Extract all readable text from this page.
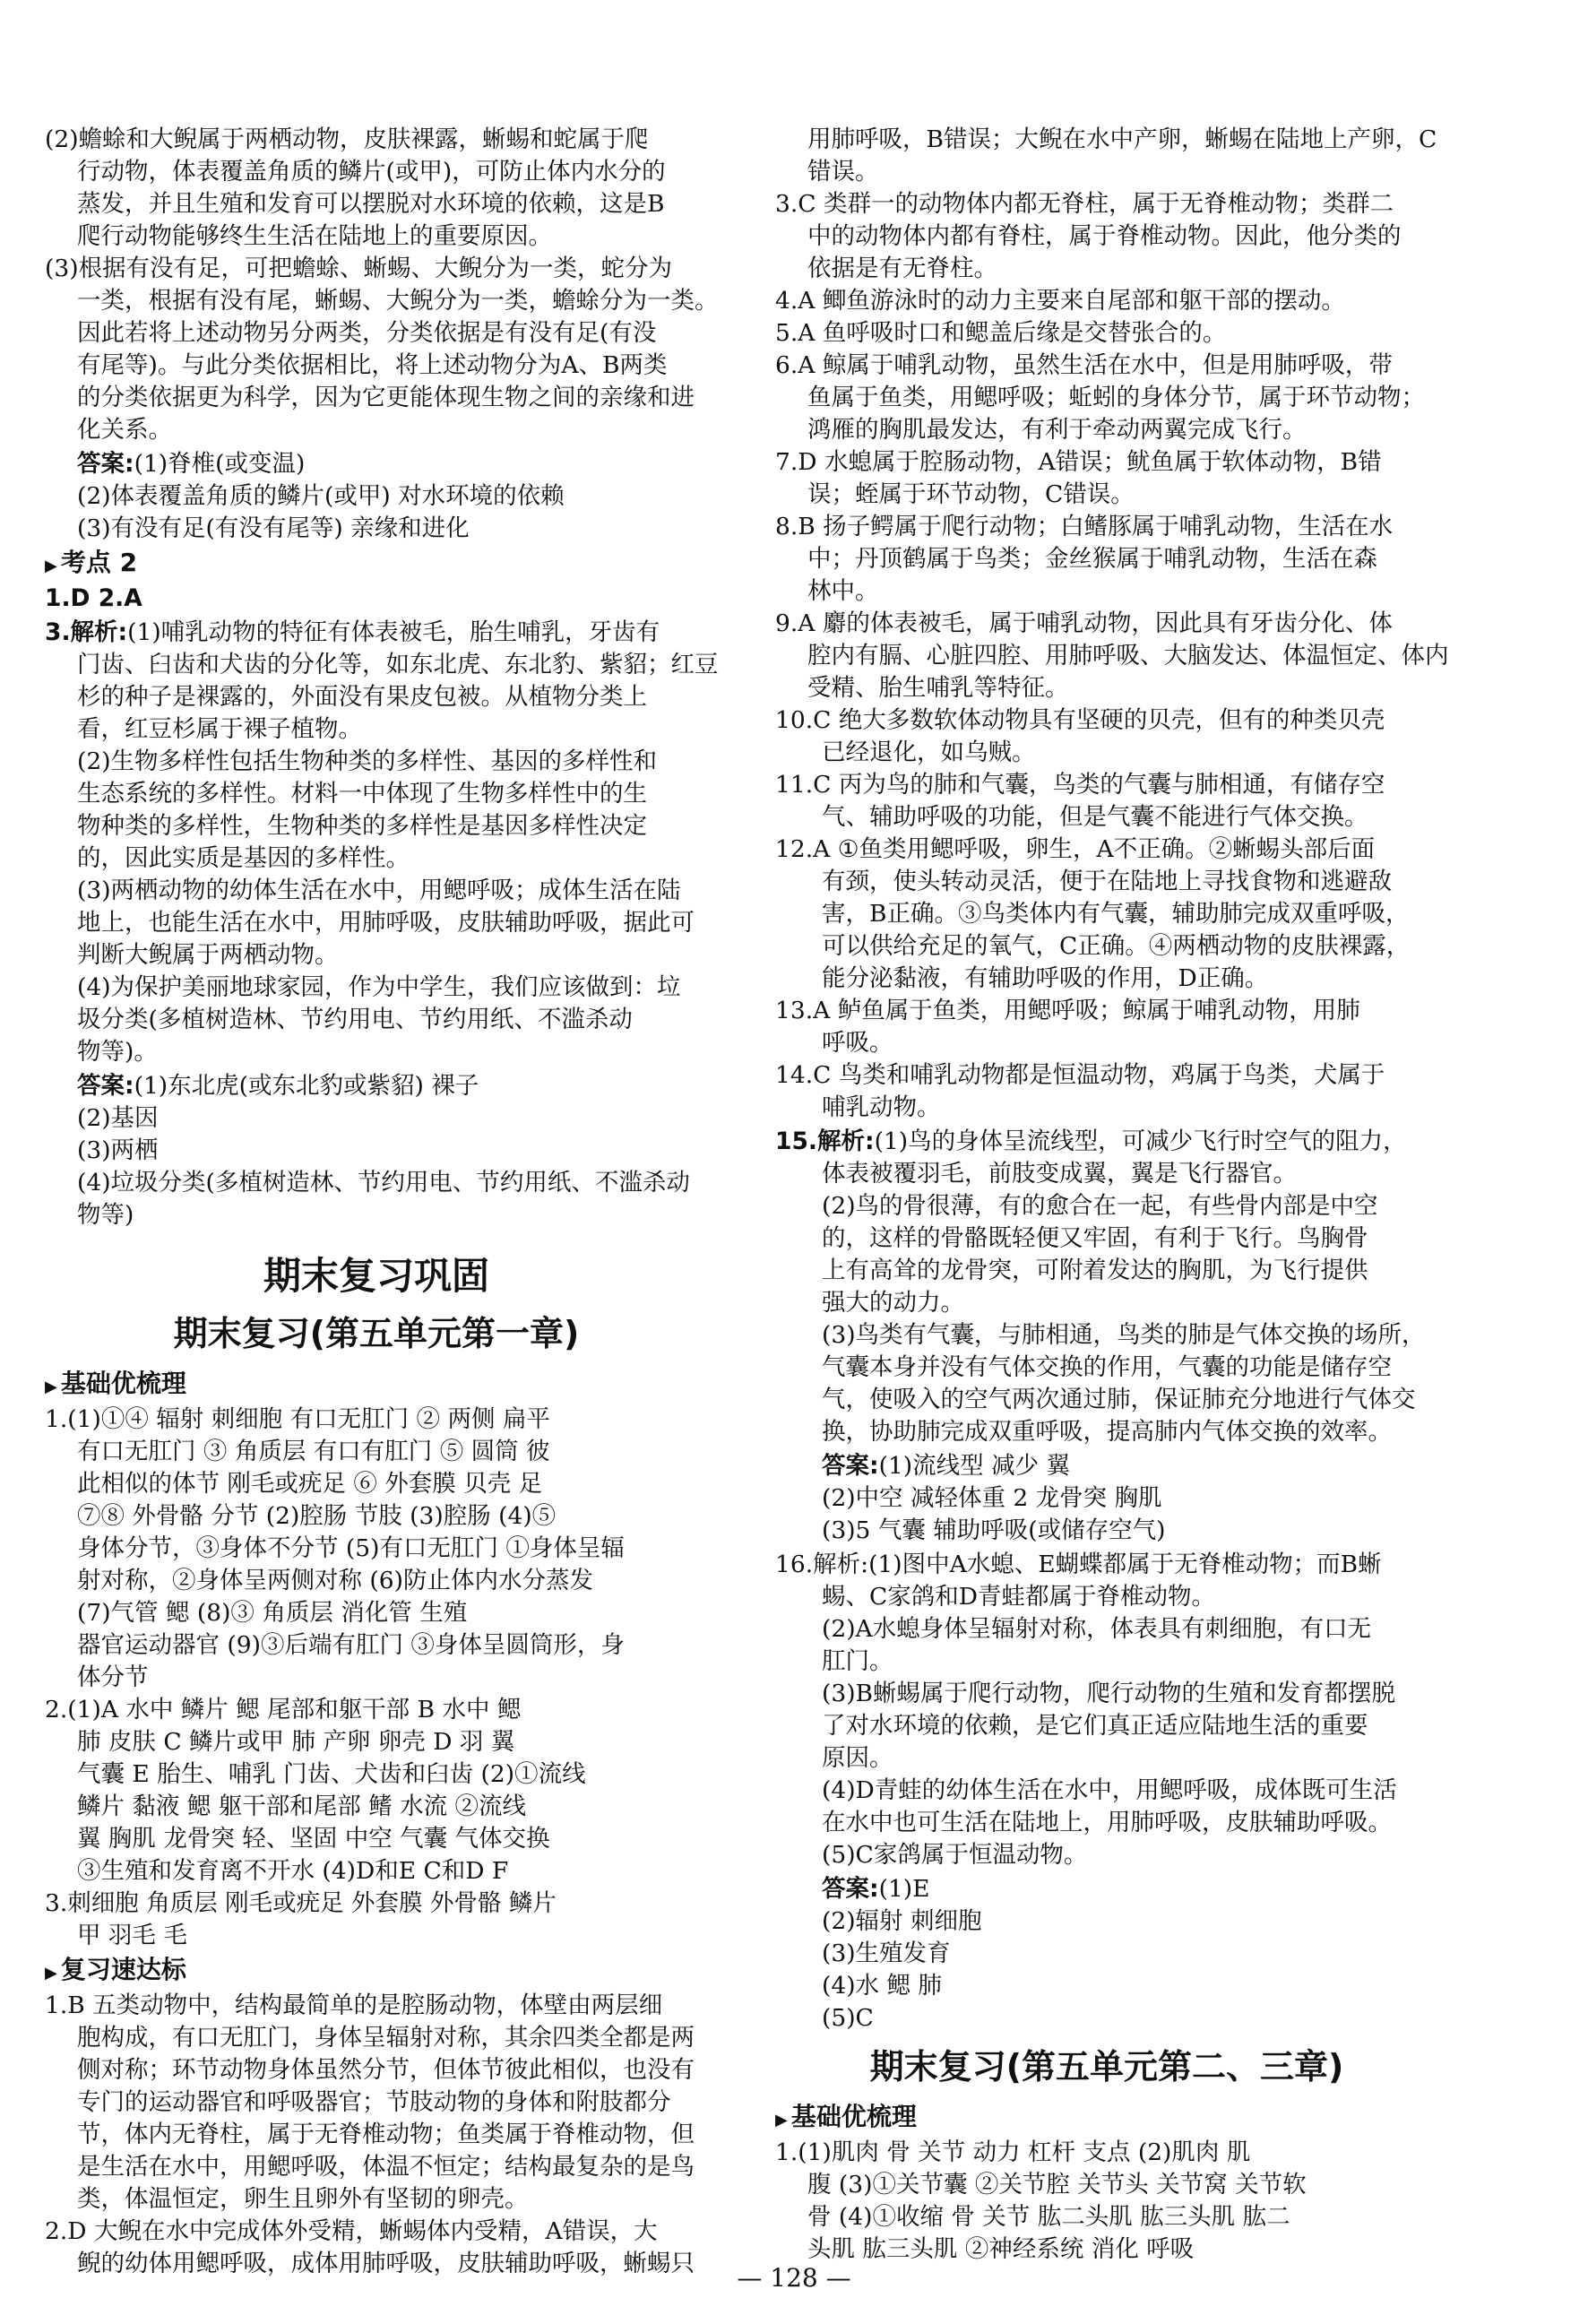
(2)蟾蜍和大鲵属于两栖动物，皮肤裸露，蜥蜴和蛇属于爬
行动物，体表覆盖角质的鳞片(或甲)，可防止体内水分的
蒸发，并且生殖和发育可以摆脱对水环境的依赖，这是B
爬行动物能够终生生活在陆地上的重要原因。
(3)根据有没有足，可把蟾蜍、蜥蜴、大鲵分为一类，蛇分为
一类，根据有没有尾，蜥蜴、大鲵分为一类，蟾蜍分为一类。
因此若将上述动物另分两类，分类依据是有没有足(有没
有尾等)。与此分类依据相比，将上述动物分为A、B两类
的分类依据更为科学，因为它更能体现生物之间的亲缘和进
化关系。
答案:(1)脊椎(或变温)
(2)体表覆盖角质的鳞片(或甲) 对水环境的依赖
(3)有没有足(有没有尾等) 亲缘和进化
▶ 考点 2
1.D 2.A
3.解析:(1)哺乳动物的特征有体表被毛，胎生哺乳，牙齿有
门齿、臼齿和犬齿的分化等，如东北虎、东北豹、紫貂；红豆
杉的种子是裸露的，外面没有果皮包被。从植物分类上
看，红豆杉属于裸子植物。
(2)生物多样性包括生物种类的多样性、基因的多样性和
生态系统的多样性。材料一中体现了生物多样性中的生
物种类的多样性，生物种类的多样性是基因多样性决定
的，因此实质是基因的多样性。
(3)两栖动物的幼体生活在水中，用鳃呼吸；成体生活在陆
地上，也能生活在水中，用肺呼吸，皮肤辅助呼吸，据此可
判断大鲵属于两栖动物。
(4)为保护美丽地球家园，作为中学生，我们应该做到：垃
圾分类(多植树造林、节约用电、节约用纸、不滥杀动
物等)。
答案:(1)东北虎(或东北豹或紫貂) 裸子
(2)基因
(3)两栖
(4)垃圾分类(多植树造林、节约用电、节约用纸、不滥杀动
物等)
期末复习巩固
期末复习(第五单元第一章)
▶ 基础优梳理
1.(1)①④ 辐射 刺细胞 有口无肛门 ② 两侧 扁平
有口无肛门 ③ 角质层 有口有肛门 ⑤ 圆筒 彼
此相似的体节 刚毛或疣足 ⑥ 外套膜 贝壳 足
⑦⑧ 外骨骼 分节 (2)腔肠 节肢 (3)腔肠 (4)⑤
身体分节，③身体不分节 (5)有口无肛门 ①身体呈辐
射对称，②身体呈两侧对称 (6)防止体内水分蒸发
(7)气管 鳃 (8)③ 角质层 消化管 生殖
器官运动器官 (9)③后端有肛门 ③身体呈圆筒形，身
体分节
2.(1)A 水中 鳞片 鳃 尾部和躯干部 B 水中 鳃
肺 皮肤 C 鳞片或甲 肺 产卵 卵壳 D 羽 翼
气囊 E 胎生、哺乳 门齿、犬齿和臼齿 (2)①流线
鳞片 黏液 鳃 躯干部和尾部 鳍 水流 ②流线
翼 胸肌 龙骨突 轻、坚固 中空 气囊 气体交换
③生殖和发育离不开水 (4)D和E C和D F
3.刺细胞 角质层 刚毛或疣足 外套膜 外骨骼 鳞片
甲 羽毛 毛
▶ 复习速达标
1.B 五类动物中，结构最简单的是腔肠动物，体壁由两层细
胞构成，有口无肛门，身体呈辐射对称，其余四类全都是两
侧对称；环节动物身体虽然分节，但体节彼此相似，也没有
专门的运动器官和呼吸器官；节肢动物的身体和附肢都分
节，体内无脊柱，属于无脊椎动物；鱼类属于脊椎动物，但
是生活在水中，用鳃呼吸，体温不恒定；结构最复杂的是鸟
类，体温恒定，卵生且卵外有坚韧的卵壳。
2.D 大鲵在水中完成体外受精，蜥蜴体内受精，A错误，大
鲵的幼体用鳃呼吸，成体用肺呼吸，皮肤辅助呼吸，蜥蜴只
用肺呼吸，B错误；大鲵在水中产卵，蜥蜴在陆地上产卵，C
错误。
3.C 类群一的动物体内都无脊柱，属于无脊椎动物；类群二
中的动物体内都有脊柱，属于脊椎动物。因此，他分类的
依据是有无脊柱。
4.A 鲫鱼游泳时的动力主要来自尾部和躯干部的摆动。
5.A 鱼呼吸时口和鳃盖后缘是交替张合的。
6.A 鲸属于哺乳动物，虽然生活在水中，但是用肺呼吸，带
鱼属于鱼类，用鳃呼吸；蚯蚓的身体分节，属于环节动物；
鸿雁的胸肌最发达，有利于牵动两翼完成飞行。
7.D 水螅属于腔肠动物，A错误；鱿鱼属于软体动物，B错
误；蛭属于环节动物，C错误。
8.B 扬子鳄属于爬行动物；白鳍豚属于哺乳动物，生活在水
中；丹顶鹤属于鸟类；金丝猴属于哺乳动物，生活在森
林中。
9.A 麝的体表被毛，属于哺乳动物，因此具有牙齿分化、体
腔内有膈、心脏四腔、用肺呼吸、大脑发达、体温恒定、体内
受精、胎生哺乳等特征。
10.C 绝大多数软体动物具有坚硬的贝壳，但有的种类贝壳
已经退化，如乌贼。
11.C 丙为鸟的肺和气囊，鸟类的气囊与肺相通，有储存空
气、辅助呼吸的功能，但是气囊不能进行气体交换。
12.A ①鱼类用鳃呼吸，卵生，A不正确。②蜥蜴头部后面
有颈，使头转动灵活，便于在陆地上寻找食物和逃避敌
害，B正确。③鸟类体内有气囊，辅助肺完成双重呼吸，
可以供给充足的氧气，C正确。④两栖动物的皮肤裸露，
能分泌黏液，有辅助呼吸的作用，D正确。
13.A 鲈鱼属于鱼类，用鳃呼吸；鲸属于哺乳动物，用肺
呼吸。
14.C 鸟类和哺乳动物都是恒温动物，鸡属于鸟类，犬属于
哺乳动物。
15.解析:(1)鸟的身体呈流线型，可减少飞行时空气的阻力，
体表被覆羽毛，前肢变成翼，翼是飞行器官。
(2)鸟的骨很薄，有的愈合在一起，有些骨内部是中空
的，这样的骨骼既轻便又牢固，有利于飞行。鸟胸骨
上有高耸的龙骨突，可附着发达的胸肌，为飞行提供
强大的动力。
(3)鸟类有气囊，与肺相通，鸟类的肺是气体交换的场所，
气囊本身并没有气体交换的作用，气囊的功能是储存空
气，使吸入的空气两次通过肺，保证肺充分地进行气体交
换，协助肺完成双重呼吸，提高肺内气体交换的效率。
答案:(1)流线型 减少 翼
(2)中空 减轻体重 2 龙骨突 胸肌
(3)5 气囊 辅助呼吸(或储存空气)
16.解析:(1)图中A水螅、E蝴蝶都属于无脊椎动物；而B蜥
蜴、C家鸽和D青蛙都属于脊椎动物。
(2)A水螅身体呈辐射对称，体表具有刺细胞，有口无
肛门。
(3)B蜥蜴属于爬行动物，爬行动物的生殖和发育都摆脱
了对水环境的依赖，是它们真正适应陆地生活的重要
原因。
(4)D青蛙的幼体生活在水中，用鳃呼吸，成体既可生活
在水中也可生活在陆地上，用肺呼吸，皮肤辅助呼吸。
(5)C家鸽属于恒温动物。
答案:(1)E
(2)辐射 刺细胞
(3)生殖发育
(4)水 鳃 肺
(5)C
期末复习(第五单元第二、三章)
▶ 基础优梳理
1.(1)肌肉 骨 关节 动力 杠杆 支点 (2)肌肉 肌
腹 (3)①关节囊 ②关节腔 关节头 关节窝 关节软
骨 (4)①收缩 骨 关节 肱二头肌 肱三头肌 肱二
头肌 肱三头肌 ②神经系统 消化 呼吸
— 128 —
